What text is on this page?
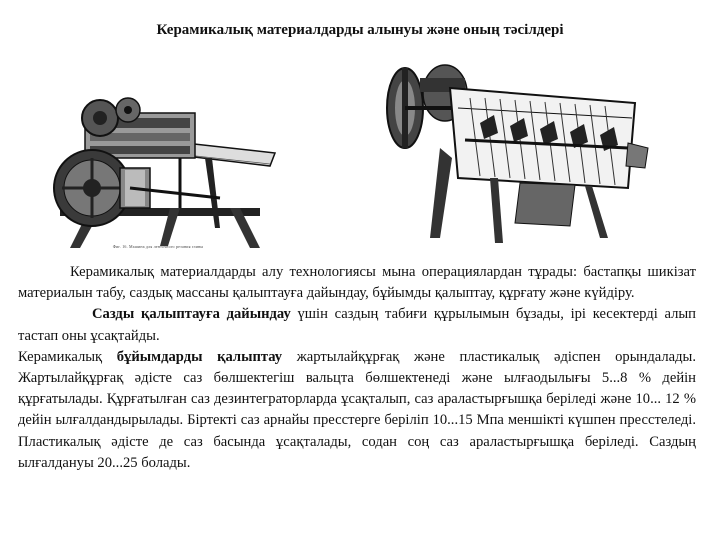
Керамикалық материалдарды алынуы және оның тәсілдері
Фиг. 16. Машина для ленточного резания глины

Керамикалық материалдарды алу технологиясы мына операциялардан тұрады: бастапқы шикізат материалын табу, саздық массаны қалыптауға дайындау, бұйымды қалыптау, құрғату және күйдіру.

Сазды қалыптауға дайындау үшін саздың табиғи құрылымын бұзады, ірі кесектерді алып тастап оны ұсақтайды.

Керамикалық бұйымдарды қалыптау жартылайқұрғақ және пластикалық әдіспен орындалады. Жартылайқұрғақ әдісте саз бөлшектегіш вальцта бөлшектенеді және ылғаодылығы 5...8 % дейін құрғатылады. Құрғатылған саз дезинтеграторларда ұсақталып, саз араластырғышқа беріледі және 10... 12 % дейін ылғалдандырылады. Біртекті саз арнайы пресстерге беріліп 10...15 Мпа меншікті күшпен пресстеледі. Пластикалық әдісте де саз басында ұсақталады, содан соң саз араластырғышқа беріледі. Саздың ылғалдануы 20...25 болады.
